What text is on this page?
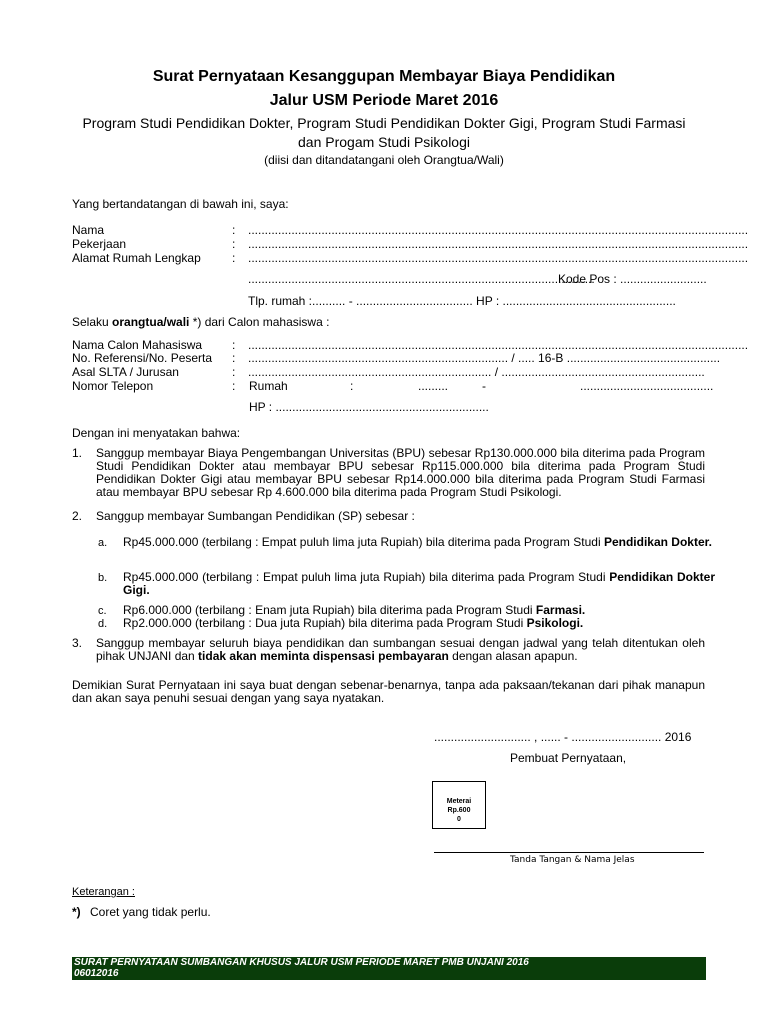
Surat Pernyataan Kesanggupan Membayar Biaya Pendidikan
Jalur USM Periode Maret 2016
Program Studi Pendidikan Dokter, Program Studi Pendidikan Dokter Gigi, Program Studi Farmasi
dan Progam Studi Psikologi
(diisi dan ditandatangani oleh Orangtua/Wali)
Yang bertandatangan di bawah ini, saya:
Nama	: ......................................................................................................................................................
Pekerjaan	: ......................................................................................................................................................
Alamat Rumah Lengkap	: ......................................................................................................................................................
........................................................................................................
Kode Pos : ..........................
Tlp. rumah :.......... - ................................... HP : ....................................................
Selaku orangtua/wali *) dari Calon mahasiswa :
Nama Calon Mahasiswa : ......................................................................................................................................................
No. Referensi/No. Peserta : .............................................................................. / ..... 16-B ..............................................
Asal SLTA / Jurusan	: ......................................................................... / .............................................................
Nomor Telepon	: Rumah	:	.........	-	........................................
HP : ................................................................
Dengan ini menyatakan bahwa:
1. Sanggup membayar Biaya Pengembangan Universitas (BPU) sebesar Rp130.000.000 bila diterima pada Program Studi Pendidikan Dokter atau membayar BPU sebesar Rp115.000.000 bila diterima pada Program Studi Pendidikan Dokter Gigi atau membayar BPU sebesar Rp14.000.000 bila diterima pada Program Studi Farmasi atau membayar BPU sebesar Rp 4.600.000 bila diterima pada Program Studi Psikologi.
2. Sanggup membayar Sumbangan Pendidikan (SP) sebesar :
a. Rp45.000.000 (terbilang : Empat puluh lima juta Rupiah) bila diterima pada Program Studi Pendidikan Dokter.
b. Rp45.000.000 (terbilang : Empat puluh lima juta Rupiah) bila diterima pada Program Studi Pendidikan Dokter Gigi.
c. Rp6.000.000 (terbilang : Enam juta Rupiah) bila diterima pada Program Studi Farmasi.
d. Rp2.000.000 (terbilang : Dua juta Rupiah) bila diterima pada Program Studi Psikologi.
3. Sanggup membayar seluruh biaya pendidikan dan sumbangan sesuai dengan jadwal yang telah ditentukan oleh pihak UNJANI dan tidak akan meminta dispensasi pembayaran dengan alasan apapun.
Demikian Surat Pernyataan ini saya buat dengan sebenar-benarnya, tanpa ada paksaan/tekanan dari pihak manapun dan akan saya penuhi sesuai dengan yang saya nyatakan.
............................. , ...... - ........................... 2016
Pembuat Pernyataan,
Meterai
Rp.600
0
Tanda Tangan & Nama Jelas
Keterangan :
*) Coret yang tidak perlu.
SURAT PERNYATAAN SUMBANGAN KHUSUS JALUR USM PERIODE MARET PMB UNJANI 2016
06012016
